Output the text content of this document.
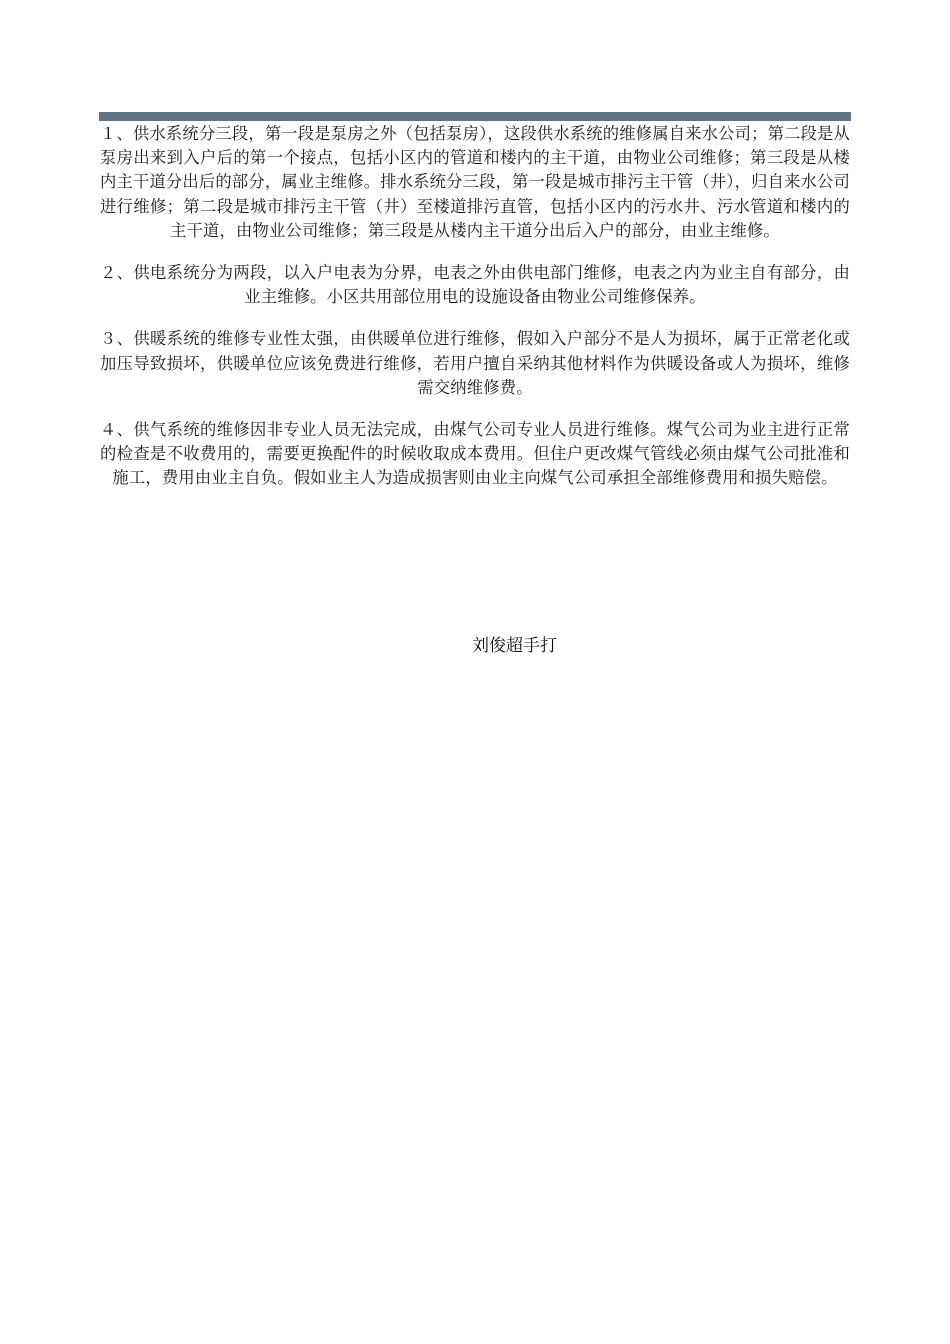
１、供水系统分三段，第一段是泵房之外（包括泵房），这段供水系统的维修属自来水公司；第二段是从泵房出来到入户后的第一个接点，包括小区内的管道和楼内的主干道，由物业公司维修；第三段是从楼内主干道分出后的部分，属业主维修。排水系统分三段，第一段是城市排污主干管（井），归自来水公司进行维修；第二段是城市排污主干管（井）至楼道排污直管，包括小区内的污水井、污水管道和楼内的主干道，由物业公司维修；第三段是从楼内主干道分出后入户的部分，由业主维修。

２、供电系统分为两段，以入户电表为分界，电表之外由供电部门维修，电表之内为业主自有部分，由业主维修。小区共用部位用电的设施设备由物业公司维修保养。

３、供暖系统的维修专业性太强，由供暖单位进行维修，假如入户部分不是人为损坏，属于正常老化或加压导致损坏，供暖单位应该免费进行维修，若用户擅自采纳其他材料作为供暖设备或人为损坏，维修需交纳维修费。

４、供气系统的维修因非专业人员无法完成，由煤气公司专业人员进行维修。煤气公司为业主进行正常的检查是不收费用的，需要更换配件的时候收取成本费用。但住户更改煤气管线必须由煤气公司批准和施工，费用由业主自负。假如业主人为造成损害则由业主向煤气公司承担全部维修费用和损失赔偿。

刘俊超手打
